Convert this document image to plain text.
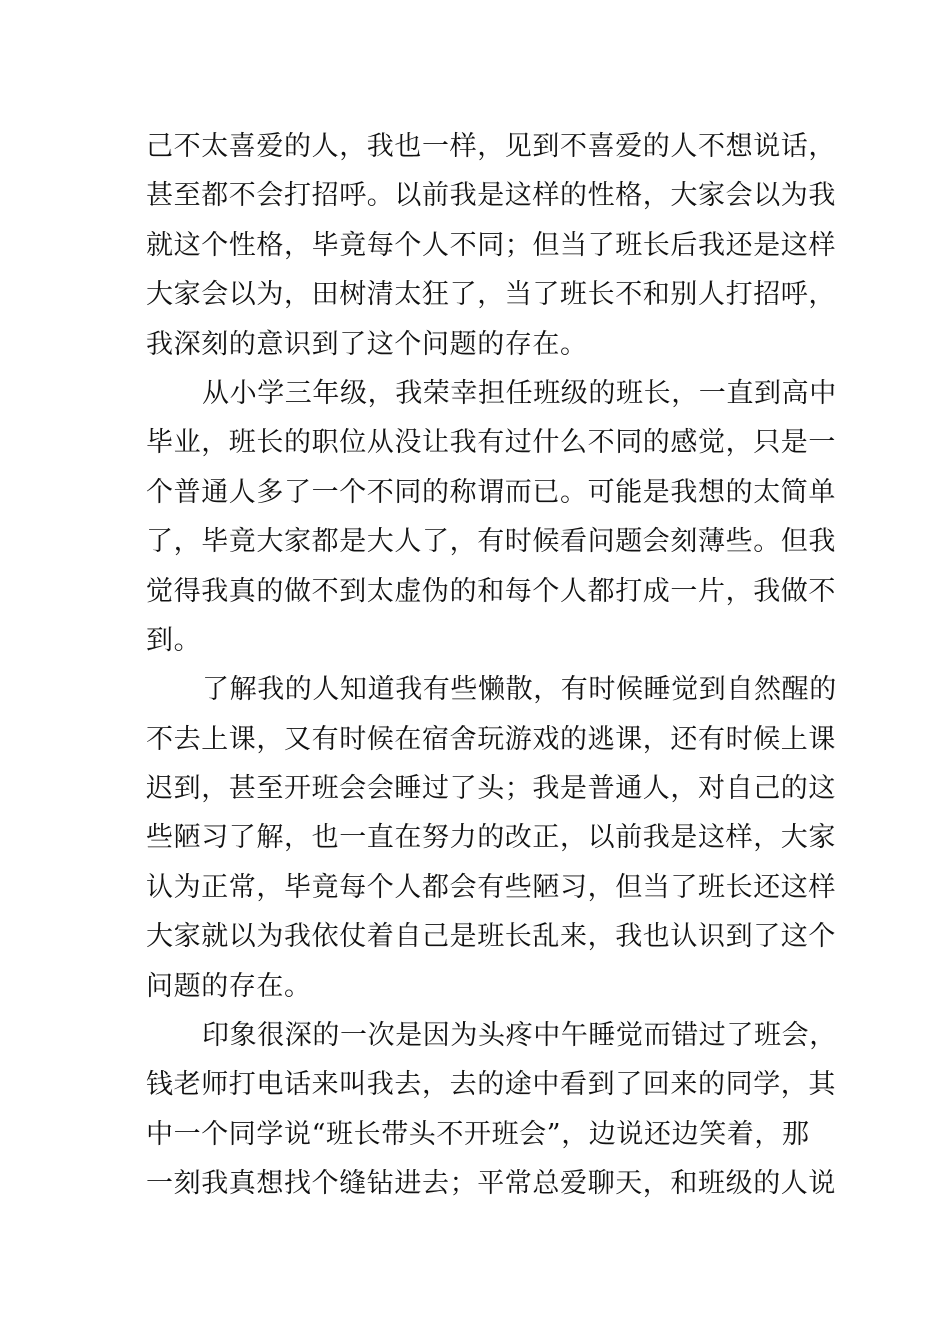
己不太喜爱的人，我也一样，见到不喜爱的人不想说话，
甚至都不会打招呼。以前我是这样的性格，大家会以为我
就这个性格，毕竟每个人不同；但当了班长后我还是这样
大家会以为，田树清太狂了，当了班长不和别人打招呼，
我深刻的意识到了这个问题的存在。
从小学三年级，我荣幸担任班级的班长，一直到高中
毕业，班长的职位从没让我有过什么不同的感觉，只是一
个普通人多了一个不同的称谓而已。可能是我想的太简单
了，毕竟大家都是大人了，有时候看问题会刻薄些。但我
觉得我真的做不到太虚伪的和每个人都打成一片，我做不
到。
了解我的人知道我有些懒散，有时候睡觉到自然醒的
不去上课，又有时候在宿舍玩游戏的逃课，还有时候上课
迟到，甚至开班会会睡过了头；我是普通人，对自己的这
些陋习了解，也一直在努力的改正，以前我是这样，大家
认为正常，毕竟每个人都会有些陋习，但当了班长还这样
大家就以为我依仗着自己是班长乱来，我也认识到了这个
问题的存在。
印象很深的一次是因为头疼中午睡觉而错过了班会，
钱老师打电话来叫我去，去的途中看到了回来的同学，其
中一个同学说“班长带头不开班会”，边说还边笑着，那
一刻我真想找个缝钻进去；平常总爱聊天，和班级的人说
